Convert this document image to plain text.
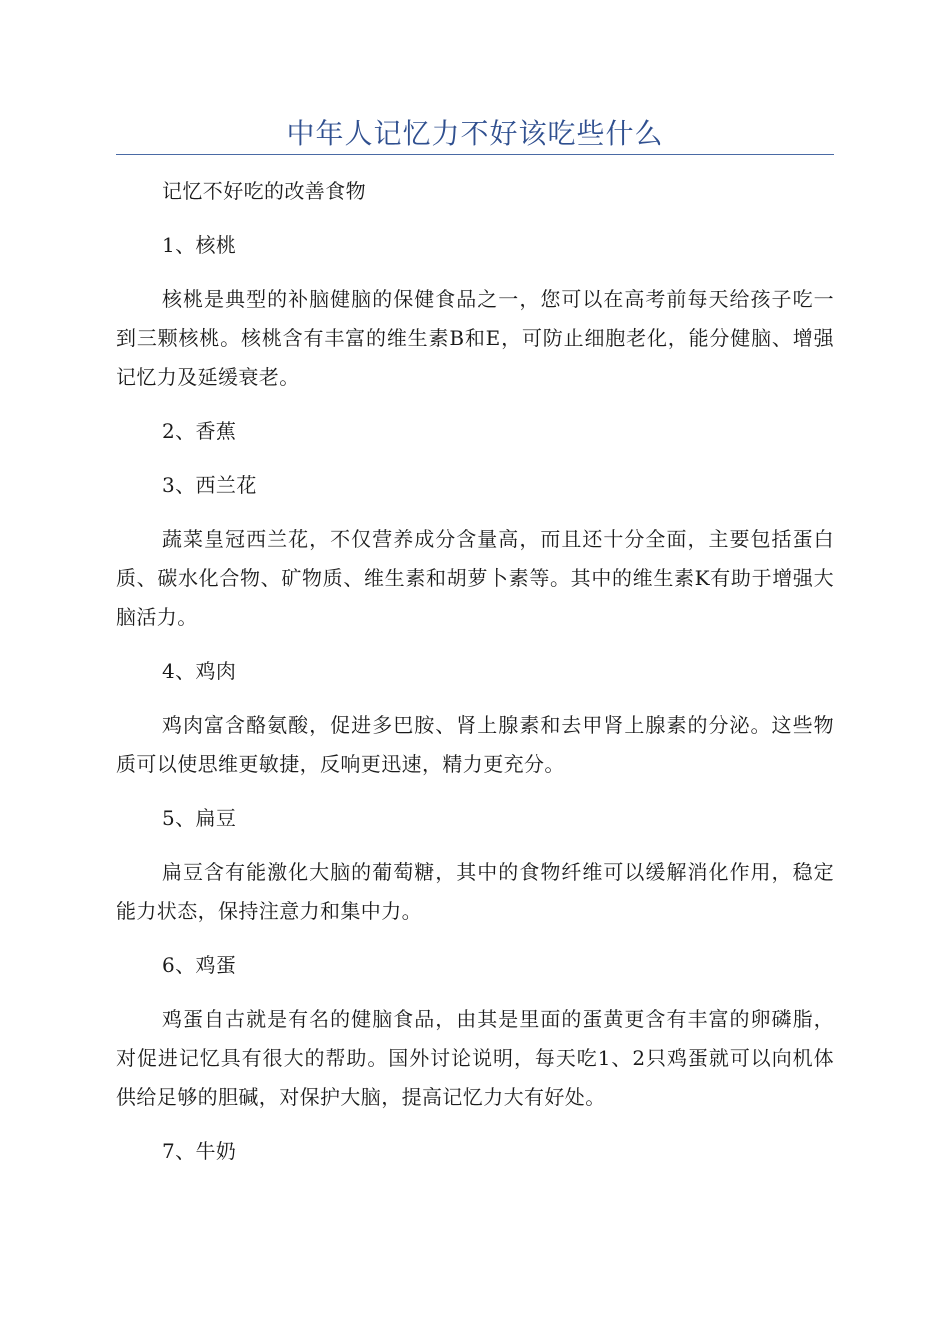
中年人记忆力不好该吃些什么

记忆不好吃的改善食物

1、核桃

核桃是典型的补脑健脑的保健食品之一，您可以在高考前每天给孩子吃一到三颗核桃。核桃含有丰富的维生素B和E，可防止细胞老化，能分健脑、增强记忆力及延缓衰老。

2、香蕉

3、西兰花

蔬菜皇冠西兰花，不仅营养成分含量高，而且还十分全面，主要包括蛋白质、碳水化合物、矿物质、维生素和胡萝卜素等。其中的维生素K有助于增强大脑活力。

4、鸡肉

鸡肉富含酪氨酸，促进多巴胺、肾上腺素和去甲肾上腺素的分泌。这些物质可以使思维更敏捷，反响更迅速，精力更充分。

5、扁豆

扁豆含有能激化大脑的葡萄糖，其中的食物纤维可以缓解消化作用，稳定能力状态，保持注意力和集中力。

6、鸡蛋

鸡蛋自古就是有名的健脑食品，由其是里面的蛋黄更含有丰富的卵磷脂，对促进记忆具有很大的帮助。国外讨论说明，每天吃1、2只鸡蛋就可以向机体供给足够的胆碱，对保护大脑，提高记忆力大有好处。

7、牛奶
